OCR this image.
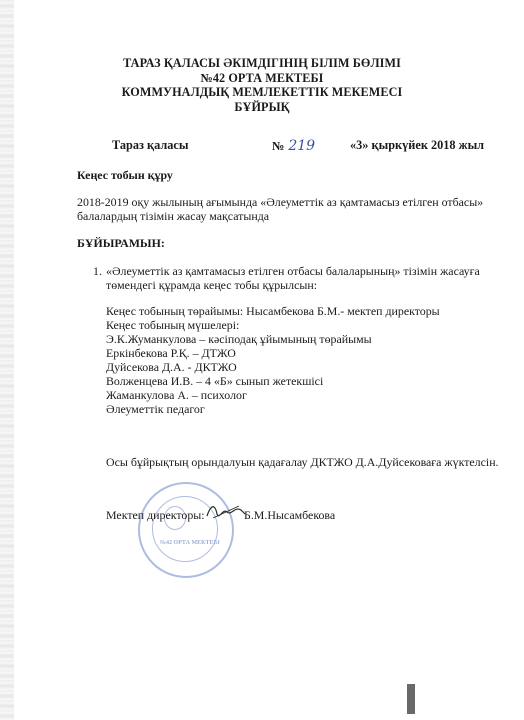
ТАРАЗ ҚАЛАСЫ ӘКІМДІГІНІҢ БІЛІМ БӨЛІМІ
№42 ОРТА МЕКТЕБІ
КОММУНАЛДЫҚ МЕМЛЕКЕТТІК МЕКЕМЕСІ
БҰЙРЫҚ
Тараз қаласы	№ 219	«3» қыркүйек 2018 жыл
Кеңес тобын құру
2018-2019 оқу жылының ағымында «Әлеуметтік аз қамтамасыз етілген отбасы»
балалардың тізімін жасау мақсатында
БҰЙЫРАМЫН:
1. «Әлеуметтік аз қамтамасыз етілген отбасы балаларының» тізімін жасауға
төмендегі құрамда кеңес тобы құрылсын:
Кеңес тобының төрайымы: Нысамбекова Б.М.- мектеп директоры
Кеңес тобының мүшелері:
Э.К.Жуманкулова – кәсіподақ ұйымының төрайымы
Еркінбекова Р.Қ. – ДТЖО
Дуйсекова Д.А. - ДКТЖО
Волженцева И.В. – 4 «Б» сынып жетекшісі
Жаманкулова А. – психолог
Әлеуметтік педагог
Осы бұйрықтың орындалуын қадағалау ДКТЖО Д.А.Дуйсековаға жүктелсін.
№42 ОРТА МЕКТЕБІ
Мектеп директоры:	Б.М.Нысамбекова
